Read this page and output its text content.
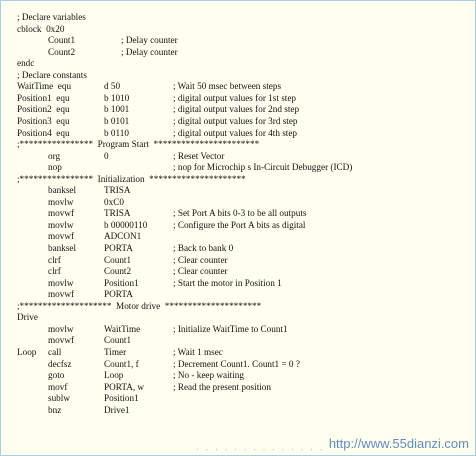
; Declare variables
cblock  0x20
Count1	; Delay counter
Count2	; Delay counter
endc
; Declare constants
WaitTime  equ	d 50	; Wait 50 msec between steps
Position1  equ	b 1010	; digital output values for 1st step
Position2  equ	b 1001	; digital output values for 2nd step
Position3  equ	b 0101	; digital output values for 3rd step
Position4  equ	b 0110	; digital output values for 4th step
;****************  Program Start  ***********************
org	0	; Reset Vector
nop	; nop for Microchip s In-Circuit Debugger (ICD)
;****************  Initialization  *********************
banksel	TRISA
movlw	0xC0
movwf	TRISA	; Set Port A bits 0-3 to be all outputs
movlw	b 00000110	; Configure the Port A bits as digital
movwf	ADCON1
banksel	PORTA	; Back to bank 0
clrf	Count1	; Clear counter
clrf	Count2	; Clear counter
movlw	Position1	; Start the motor in Position 1
movwf	PORTA
;********************  Motor drive  *********************
Drive
movlw	WaitTime	; Initialize WaitTime to Count1
movwf	Count1
Loop call	Timer	; Wait 1 msec
decfsz	Count1, f	; Decrement Count1. Count1 = 0 ?
goto	Loop	; No - keep waiting
movf	PORTA, w	; Read the present position
sublw	Position1
bnz	Drive1
· · · · · · · · · · · · · · http://www.55dianzi.com
